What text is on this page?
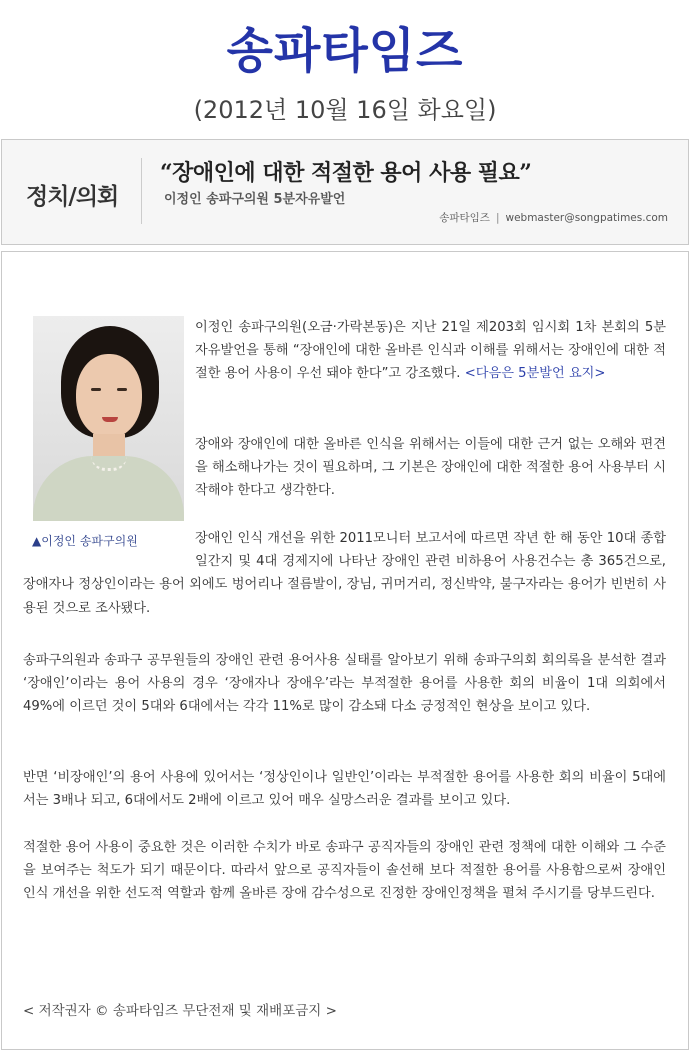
송파타임즈
(2012년 10월 16일 화요일)
정치/의회
“장애인에 대한 적절한 용어 사용 필요”
이정인 송파구의원 5분자유발언
송파타임즈 | webmaster@songpatimes.com
▲이정인 송파구의원

이정인 송파구의원(오금·가락본동)은 지난 21일 제203회 임시회 1차 본회의 5분자유발언을 통해 “장애인에 대한 올바른 인식과 이해를 위해서는 장애인에 대한 적절한 용어 사용이 우선 돼야 한다”고 강조했다. <다음은 5분발언 요지>

장애와 장애인에 대한 올바른 인식을 위해서는 이들에 대한 근거 없는 오해와 편견을 해소해나가는 것이 필요하며, 그 기본은 장애인에 대한 적절한 용어 사용부터 시작해야 한다고 생각한다.

장애인 인식 개선을 위한 2011모니터 보고서에 따르면 작년 한 해 동안 10대 종합일간지 및 4대 경제지에 나타난 장애인 관련 비하용어 사용건수는 총 365건으로, 장애자나 정상인이라는 용어 외에도 벙어리나 절름발이, 장님, 귀머거리, 정신박약, 불구자라는 용어가 빈번히 사용된 것으로 조사됐다.

송파구의원과 송파구 공무원들의 장애인 관련 용어사용 실태를 알아보기 위해 송파구의회 회의록을 분석한 결과 ‘장애인’이라는 용어 사용의 경우 ‘장애자나 장애우’라는 부적절한 용어를 사용한 회의 비율이 1대 의회에서 49%에 이르던 것이 5대와 6대에서는 각각 11%로 많이 감소돼 다소 긍정적인 현상을 보이고 있다.

반면 ‘비장애인’의 용어 사용에 있어서는 ‘정상인이나 일반인’이라는 부적절한 용어를 사용한 회의 비율이 5대에서는 3배나 되고, 6대에서도 2배에 이르고 있어 매우 실망스러운 결과를 보이고 있다.

적절한 용어 사용이 중요한 것은 이러한 수치가 바로 송파구 공직자들의 장애인 관련 정책에 대한 이해와 그 수준을 보여주는 척도가 되기 때문이다. 따라서 앞으로 공직자들이 솔선해 보다 적절한 용어를 사용함으로써 장애인 인식 개선을 위한 선도적 역할과 함께 올바른 장애 감수성으로 진정한 장애인정책을 펼쳐 주시기를 당부드린다.

< 저작권자 © 송파타임즈 무단전재 및 재배포금지 >
